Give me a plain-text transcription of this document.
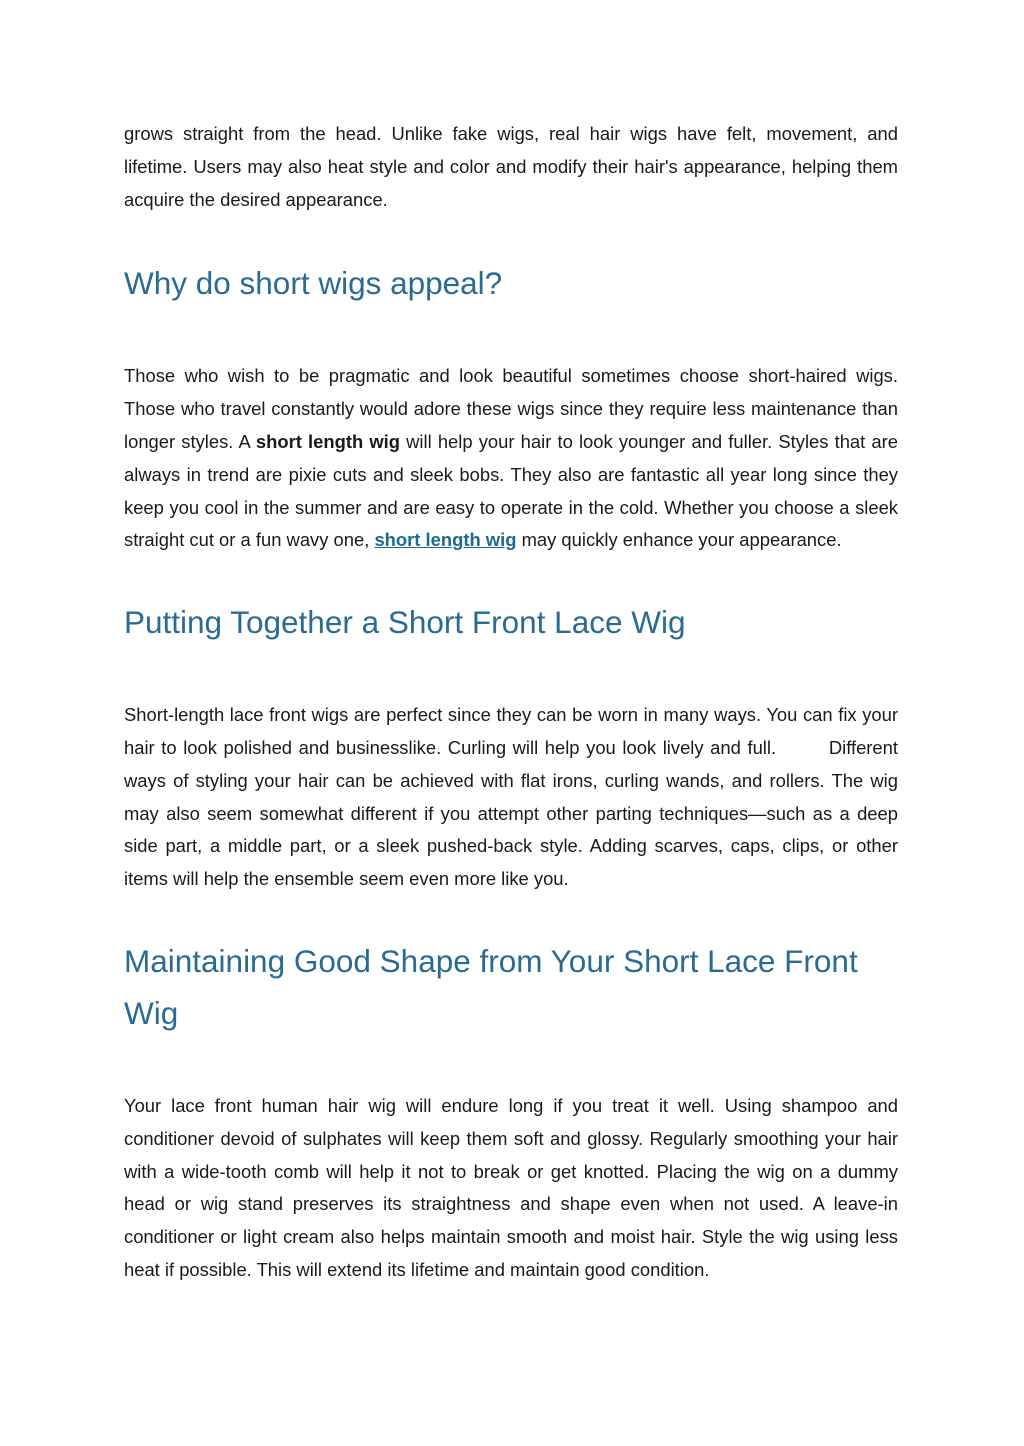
grows straight from the head. Unlike fake wigs, real hair wigs have felt, movement, and lifetime. Users may also heat style and color and modify their hair's appearance, helping them acquire the desired appearance.

Why do short wigs appeal?

Those who wish to be pragmatic and look beautiful sometimes choose short-haired wigs.    Those who travel constantly would adore these wigs since they require less maintenance than longer styles. A short length wig will help your hair to look younger and fuller. Styles that are always in trend are pixie cuts and sleek bobs. They also are fantastic all year long since they keep you cool in the summer and are easy to operate in the cold. Whether you choose a sleek straight cut or a fun wavy one, short length wig may quickly enhance your appearance.

Putting Together a Short Front Lace Wig

Short-length lace front wigs are perfect since they can be worn in many ways. You can fix your hair to look polished and businesslike. Curling will help you look lively and full.        Different ways of styling your hair can be achieved with flat irons, curling wands, and rollers. The wig may also seem somewhat different if you attempt other parting techniques—such as a deep side part, a middle part, or a sleek pushed-back style. Adding scarves, caps, clips, or other items will help the ensemble seem even more like you.

Maintaining Good Shape from Your Short Lace Front Wig

Your lace front human hair wig will endure long if you treat it well. Using shampoo and conditioner devoid of sulphates will keep them soft and glossy. Regularly smoothing your hair with a wide-tooth comb will help it not to break or get knotted. Placing the wig on a dummy head or wig stand preserves its straightness and shape even when not used. A leave-in conditioner or light cream also helps maintain smooth and moist hair. Style the wig using less heat if possible. This will extend its lifetime and maintain good condition.
